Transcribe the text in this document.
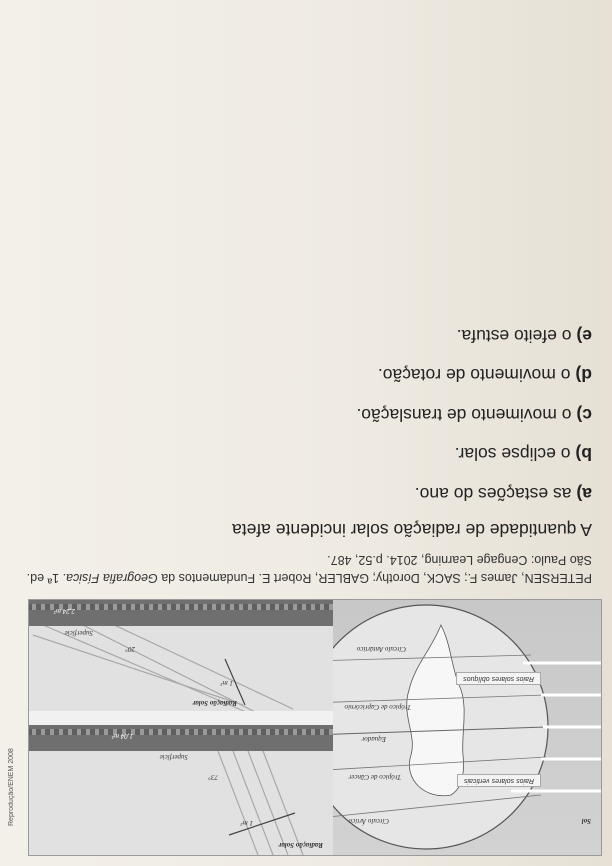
Sol
Raios solares verticais
Raios solares oblíquos
Círculo Ártico
Trópico de Câncer
Equador
Trópico de Capricórnio
Círculo Antártico
Radiação Solar
1 m²
73°
Superfície
1,04 m²
Radiação Solar
1 m²
20°
Superfície
2,24 m²
Reprodução/ENEM 2008
PETERSEN, James F.; SACK, Dorothy; GABLER, Robert E. Fundamentos da Geografia Física. 1ª ed. São Paulo: Cengage Learning, 2014. p.52, 487.
A quantidade de radiação solar incidente afeta
a)
as estações do ano.
b)
o eclipse solar.
c)
o movimento de translação.
d)
o movimento de rotação.
e)
o efeito estufa.
